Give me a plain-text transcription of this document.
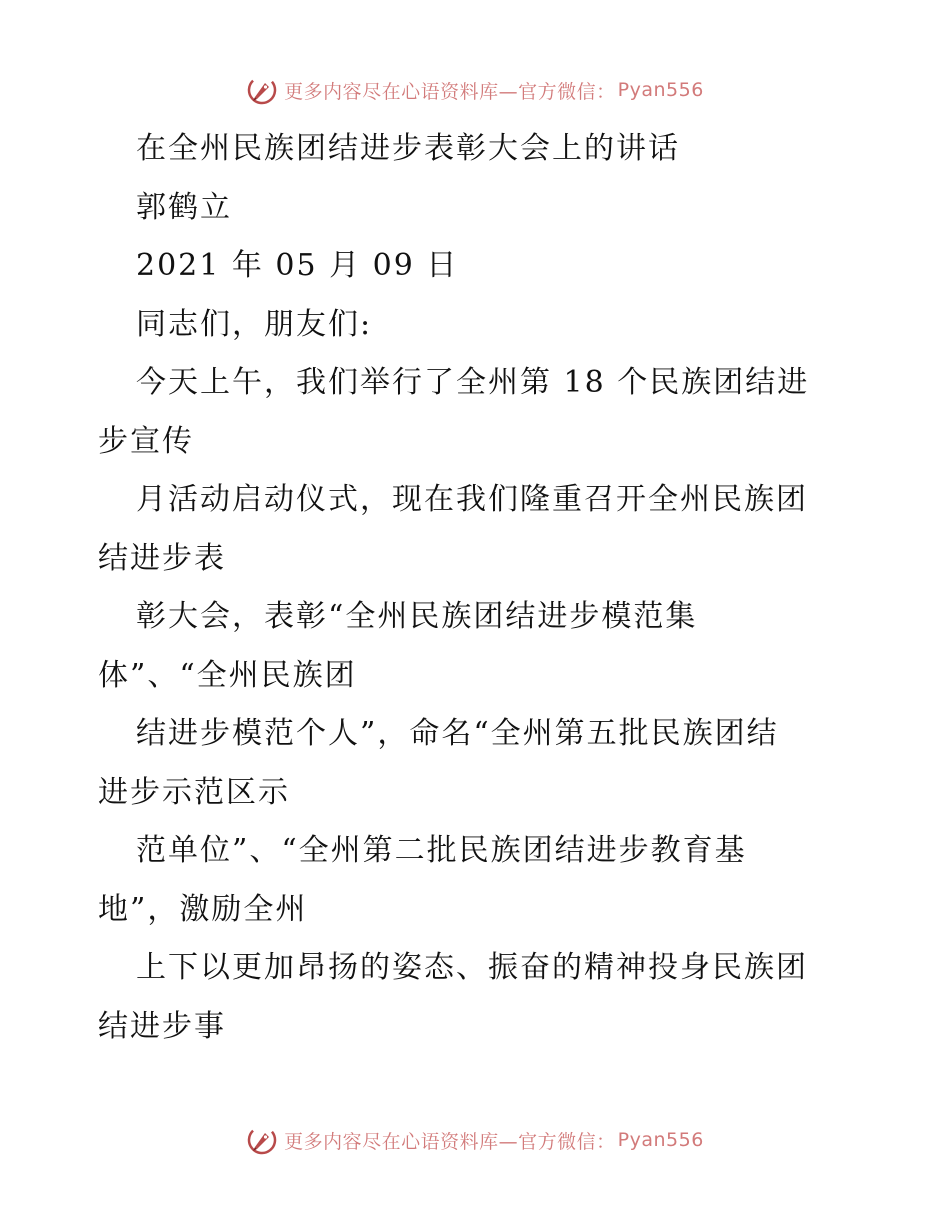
更多内容尽在心语资料库—官方微信： Pyan556
在全州民族团结进步表彰大会上的讲话
郭鹤立
2021 年 05 月 09 日
同志们，朋友们:
今天上午，我们举行了全州第 18 个民族团结进
步宣传
月活动启动仪式，现在我们隆重召开全州民族团
结进步表
彰大会，表彰“全州民族团结进步模范集
体”、“全州民族团
结进步模范个人”，命名“全州第五批民族团结
进步示范区示
范单位”、“全州第二批民族团结进步教育基
地”，激励全州
上下以更加昂扬的姿态、振奋的精神投身民族团
结进步事
更多内容尽在心语资料库—官方微信： Pyan556
